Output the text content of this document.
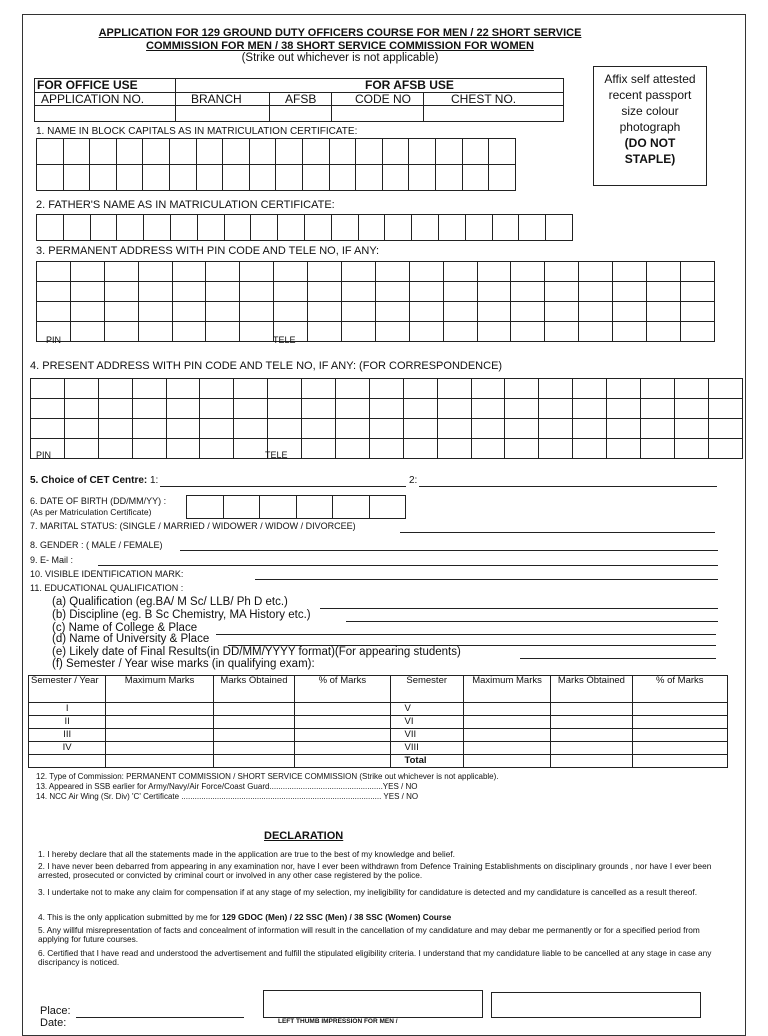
APPLICATION FOR 129 GROUND DUTY OFFICERS COURSE FOR MEN / 22 SHORT SERVICE
COMMISSION FOR MEN / 38 SHORT SERVICE COMMISSION FOR WOMEN
(Strike out whichever is not applicable)
FOR OFFICE USE	FOR AFSB USE
APPLICATION NO.	BRANCH	AFSB	CODE NO	CHEST NO.
Affix self attested
recent passport
size colour
photograph
(DO NOT
STAPLE)
1. NAME IN BLOCK CAPITALS AS IN MATRICULATION CERTIFICATE:

2. FATHER'S NAME AS IN MATRICULATION CERTIFICATE:

3. PERMANENT ADDRESS WITH PIN CODE AND TELE NO, IF ANY:

PIN	TELE
4. PRESENT ADDRESS WITH PIN CODE AND TELE NO, IF ANY: (FOR CORRESPONDENCE)

PIN	TELE
5. Choice of CET Centre: 1:	2:
6. DATE OF BIRTH (DD/MM/YY) :
(As per Matriculation Certificate)

7. MARITAL STATUS: (SINGLE / MARRIED / WIDOWER / WIDOW / DIVORCEE)
8. GENDER : ( MALE / FEMALE)
9. E- Mail :
10. VISIBLE IDENTIFICATION MARK:
11. EDUCATIONAL QUALIFICATION :
(a) Qualification (eg.BA/ M Sc/ LLB/ Ph D etc.)
(b) Discipline (eg. B Sc Chemistry, MA History etc.)
(c) Name of College & Place
(d) Name of University & Place
(e) Likely date of Final Results(in DD/MM/YYYY format)(For appearing students)
(f) Semester / Year wise marks (in qualifying exam):
Semester / Year	Maximum Marks	Marks Obtained	% of Marks	Semester	Maximum Marks	Marks Obtained	% of Marks
I				V			
II				VI			
III				VII			
IV				VIII			
				Total			
12. Type of Commission: PERMANENT COMMISSION / SHORT SERVICE COMMISSION (Strike out whichever is not applicable).
13. Appeared in SSB earlier for Army/Navy/Air Force/Coast Guard...................................................YES / NO
14. NCC Air Wing (Sr. Div) 'C' Certificate .......................................................................................... YES / NO
DECLARATION
1. I hereby declare that all the statements made in the application are true to the best of my knowledge and belief.
2. I have never been debarred from appearing in any examination nor, have I ever been withdrawn from Defence Training Establishments on disciplinary grounds , nor have I ever been arrested, prosecuted or convicted by criminal court or involved in any other case registered by the police.
3. I undertake not to make any claim for compensation if at any stage of my selection, my ineligibility for candidature is detected and my candidature is cancelled as a result thereof.
4. This is the only application submitted by me for 129 GDOC (Men) / 22 SSC (Men) / 38 SSC (Women) Course
5. Any willful misrepresentation of facts and concealment of information will result in the cancellation of my candidature and may debar me permanently or for a specified period from applying for future courses.
6. Certified that I have read and understood the advertisement and fulfill the stipulated eligibility criteria. I understand that my candidature liable to be cancelled at any stage in case any discripancy is noticed.
Place:
Date:	LEFT THUMB IMPRESSION FOR MEN /
